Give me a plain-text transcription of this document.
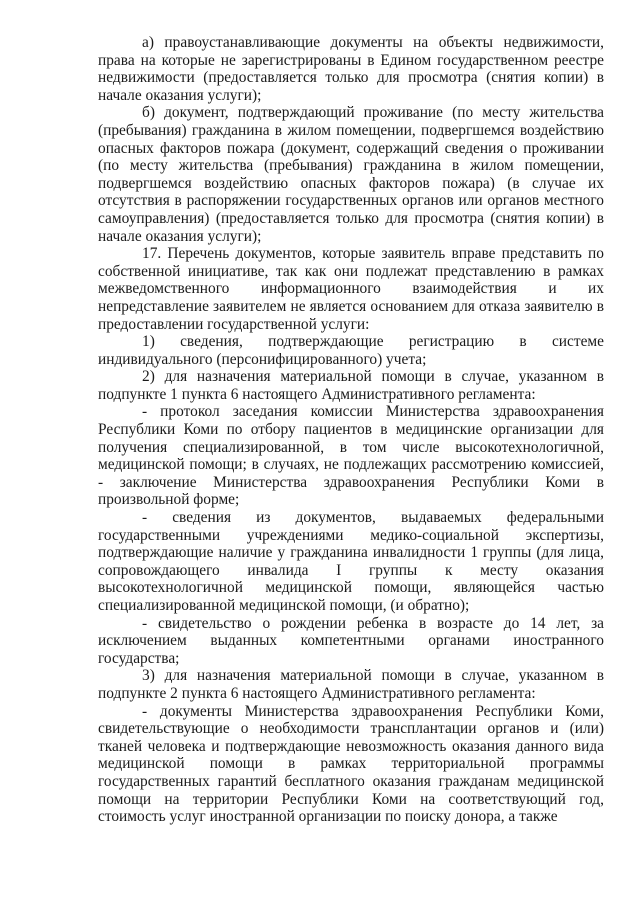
а) правоустанавливающие документы на объекты недвижимости, права на которые не зарегистрированы в Едином государственном реестре недвижимости (предоставляется только для просмотра (снятия копии) в начале оказания услуги);

б) документ, подтверждающий проживание (по месту жительства (пребывания) гражданина в жилом помещении, подвергшемся воздействию опасных факторов пожара (документ, содержащий сведения о проживании (по месту жительства (пребывания) гражданина в жилом помещении, подвергшемся воздействию опасных факторов пожара) (в случае их отсутствия в распоряжении государственных органов или органов местного самоуправления) (предоставляется только для просмотра (снятия копии) в начале оказания услуги);

17. Перечень документов, которые заявитель вправе представить по собственной инициативе, так как они подлежат представлению в рамках межведомственного информационного взаимодействия и их непредставление заявителем не является основанием для отказа заявителю в предоставлении государственной услуги:

1) сведения, подтверждающие регистрацию в системе индивидуального (персонифицированного) учета;

2) для назначения материальной помощи в случае, указанном в подпункте 1 пункта 6 настоящего Административного регламента:

- протокол заседания комиссии Министерства здравоохранения Республики Коми по отбору пациентов в медицинские организации для получения специализированной, в том числе высокотехнологичной, медицинской помощи; в случаях, не подлежащих рассмотрению комиссией, - заключение Министерства здравоохранения Республики Коми в произвольной форме;

- сведения из документов, выдаваемых федеральными государственными учреждениями медико-социальной экспертизы, подтверждающие наличие у гражданина инвалидности 1 группы (для лица, сопровождающего инвалида I группы к месту оказания высокотехнологичной медицинской помощи, являющейся частью специализированной медицинской помощи, (и обратно);

- свидетельство о рождении ребенка в возрасте до 14 лет, за исключением выданных компетентными органами иностранного государства;

3) для назначения материальной помощи в случае, указанном в подпункте 2 пункта 6 настоящего Административного регламента:

- документы Министерства здравоохранения Республики Коми, свидетельствующие о необходимости трансплантации органов и (или) тканей человека и подтверждающие невозможность оказания данного вида медицинской помощи в рамках территориальной программы государственных гарантий бесплатного оказания гражданам медицинской помощи на территории Республики Коми на соответствующий год, стоимость услуг иностранной организации по поиску донора, а также
